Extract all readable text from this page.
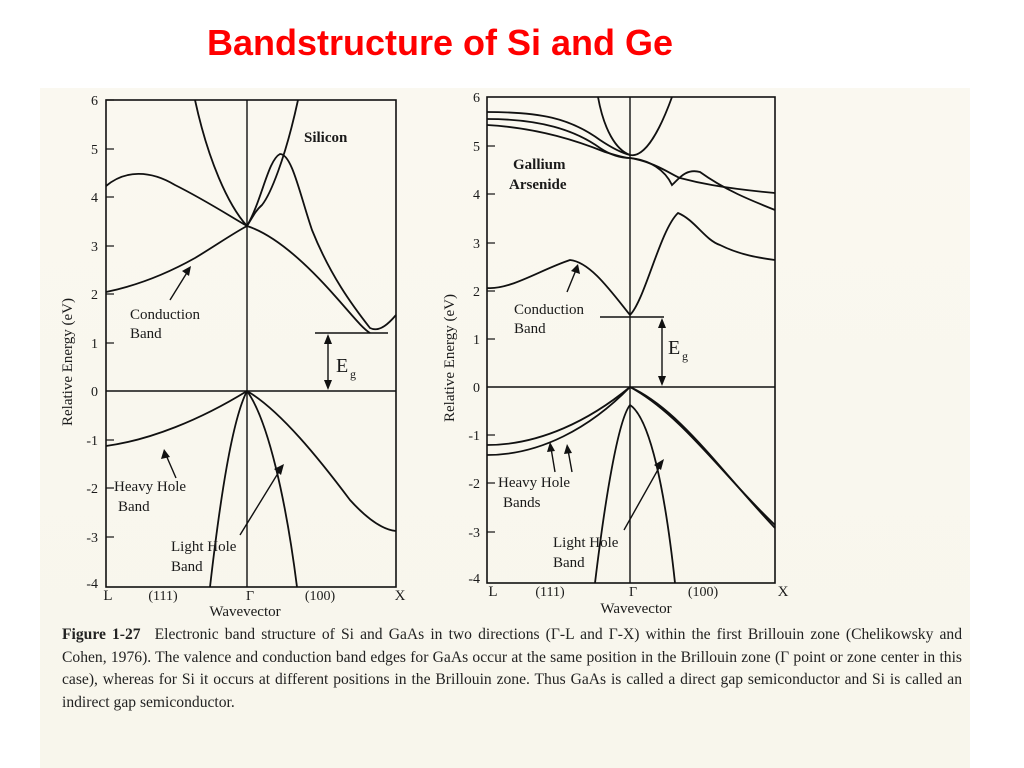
Bandstructure of Si and Ge
6
5
4
3
2
1
0
-1
-2
-3
-4
Relative Energy (eV)
L	(111)	Γ	(100)	X
Wavevector
Silicon
E g
Conduction
Band
Heavy Hole
Band
Light Hole
Band
6
5
4
3
2
1
0
-1
-2
-3
-4
Relative Energy (eV)
L	(111)	Γ	(100)	X
Wavevector
Gallium
Arsenide
E g
Conduction
Band
Heavy Hole
Bands
Light Hole
Band
Figure 1-27 Electronic band structure of Si and GaAs in two directions (Γ-L and Γ-X) within the first Brillouin zone (Chelikowsky and Cohen, 1976). The valence and conduction band edges for GaAs occur at the same position in the Brillouin zone (Γ point or zone center in this case), whereas for Si it occurs at different positions in the Brillouin zone. Thus GaAs is called a direct gap semiconductor and Si is called an indirect gap semiconductor.
